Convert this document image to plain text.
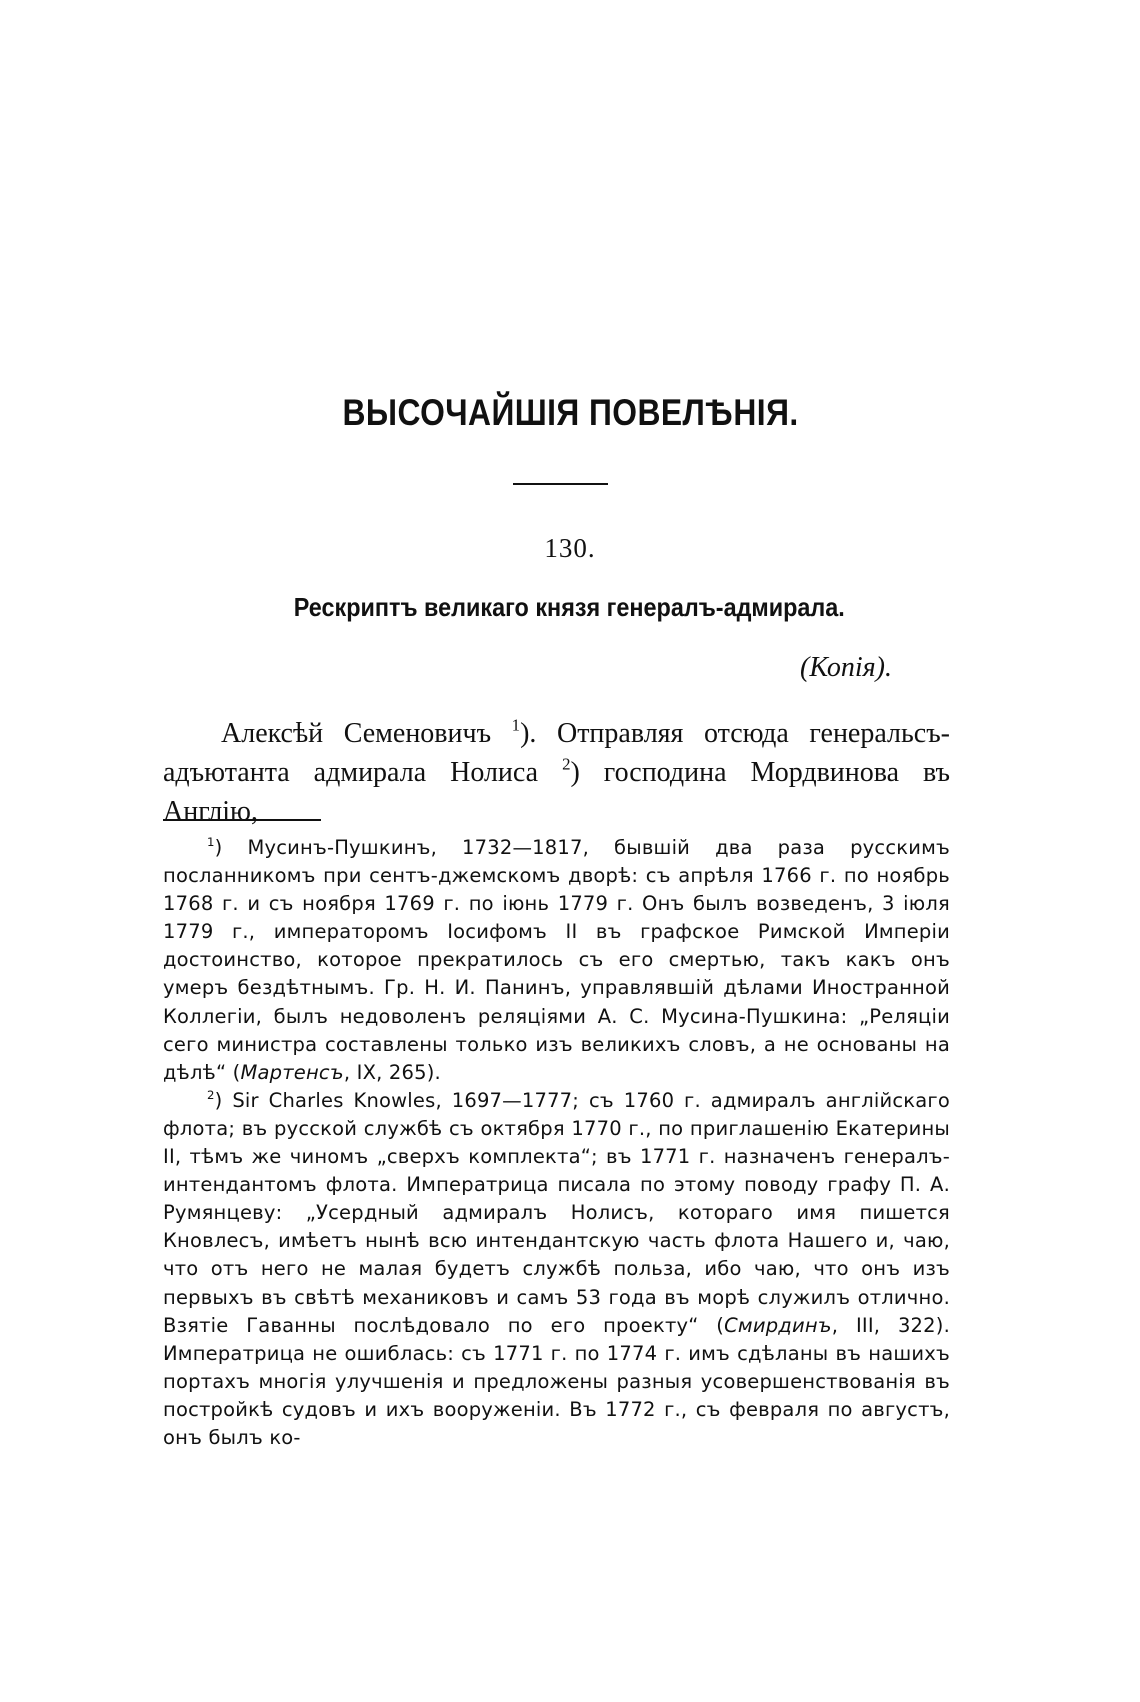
ВЫСОЧАЙШІЯ ПОВЕЛѢНІЯ.
130.
Рескриптъ великаго князя генералъ-адмирала.
(Копія).

Алексѣй Семеновичъ $^1$). Отправляя отсюда генеральсъ-адъютанта адмирала Нолиса $^2$) господина Мордвинова въ Англію,

$^1$) Мусинъ-Пушкинъ, 1732—1817, бывшій два раза русскимъ посланникомъ при сентъ-джемскомъ дворѣ: съ апрѣля 1766 г. по ноябрь 1768 г. и съ ноября 1769 г. по іюнь 1779 г. Онъ былъ возведенъ, 3 іюля 1779 г., императоромъ Іосифомъ II въ графское Римской Имперіи достоинство, которое прекратилось съ его смертью, такъ какъ онъ умеръ бездѣтнымъ. Гр. Н. И. Панинъ, управлявшій дѣлами Иностранной Коллегіи, былъ недоволенъ реляціями А. С. Мусина-Пушкина: „Реляціи сего министра составлены только изъ великихъ словъ, а не основаны на дѣлѣ“ (Мартенсъ, IX, 265).

$^2$) Sir Charles Knowles, 1697—1777; съ 1760 г. адмиралъ англійскаго флота; въ русской службѣ съ октября 1770 г., по приглашенію Екатерины II, тѣмъ же чиномъ „сверхъ комплекта“; въ 1771 г. назначенъ генералъ-интендантомъ флота. Императрица писала по этому поводу графу П. А. Румянцеву: „Усердный адмиралъ Нолисъ, котораго имя пишется Кновлесъ, имѣетъ нынѣ всю интендантскую часть флота Нашего и, чаю, что отъ него не малая будетъ службѣ польза, ибо чаю, что онъ изъ первыхъ въ свѣтѣ механиковъ и самъ 53 года въ морѣ служилъ отлично. Взятіе Гаванны послѣдовало по его проекту“ (Смирдинъ, III, 322). Императрица не ошиблась: съ 1771 г. по 1774 г. имъ сдѣланы въ нашихъ портахъ многія улучшенія и предложены разныя усовершенствованія въ постройкѣ судовъ и ихъ вооруженіи. Въ 1772 г., съ февраля по августъ, онъ былъ ко-
